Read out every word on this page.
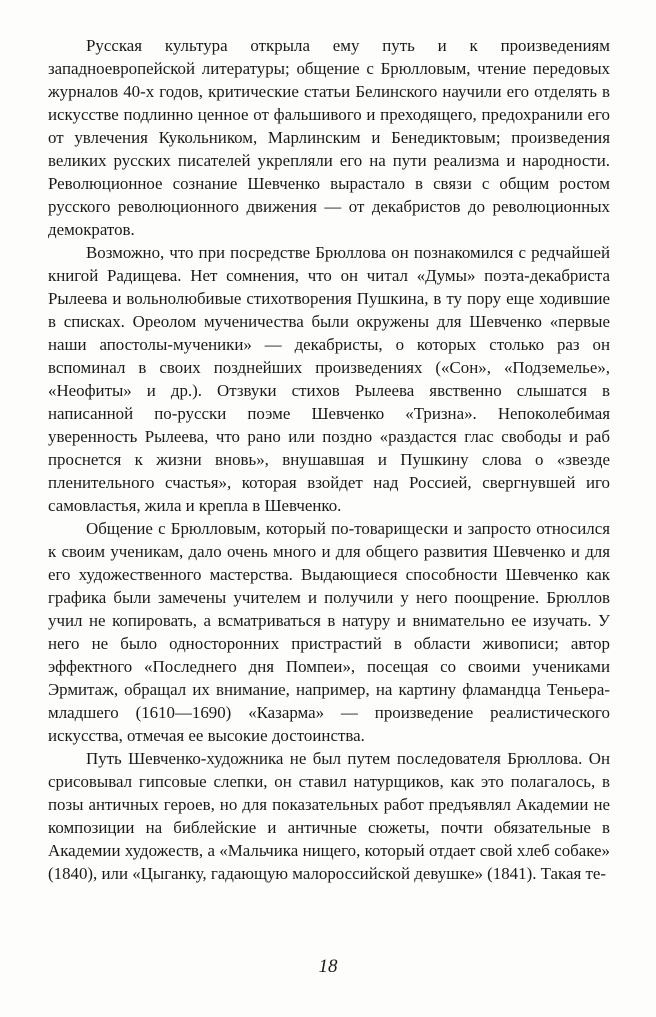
Русская культура открыла ему путь и к произведениям западноевропейской литературы; общение с Брюлловым, чтение передовых журналов 40-х годов, критические статьи Белинского научили его отделять в искусстве подлинно ценное от фальшивого и преходящего, предохранили его от увлечения Кукольником, Марлинским и Бенедиктовым; произведения великих русских писателей укрепляли его на пути реализма и народности. Революционное сознание Шевченко вырастало в связи с общим ростом русского революционного движения — от декабристов до революционных демократов.

Возможно, что при посредстве Брюллова он познакомился с редчайшей книгой Радищева. Нет сомнения, что он читал «Думы» поэта-декабриста Рылеева и вольнолюбивые стихотворения Пушкина, в ту пору еще ходившие в списках. Ореолом мученичества были окружены для Шевченко «первые наши апостолы-мученики» — декабристы, о которых столько раз он вспоминал в своих позднейших произведениях («Сон», «Подземелье», «Неофиты» и др.). Отзвуки стихов Рылеева явственно слышатся в написанной по-русски поэме Шевченко «Тризна». Непоколебимая уверенность Рылеева, что рано или поздно «раздастся глас свободы и раб проснется к жизни вновь», внушавшая и Пушкину слова о «звезде пленительного счастья», которая взойдет над Россией, свергнувшей иго самовластья, жила и крепла в Шевченко.

Общение с Брюлловым, который по-товарищески и запросто относился к своим ученикам, дало очень много и для общего развития Шевченко и для его художественного мастерства. Выдающиеся способности Шевченко как графика были замечены учителем и получили у него поощрение. Брюллов учил не копировать, а всматриваться в натуру и внимательно ее изучать. У него не было односторонних пристрастий в области живописи; автор эффектного «Последнего дня Помпеи», посещая со своими учениками Эрмитаж, обращал их внимание, например, на картину фламандца Теньера-младшего (1610—1690) «Казарма» — произведение реалистического искусства, отмечая ее высокие достоинства.

Путь Шевченко-художника не был путем последователя Брюллова. Он срисовывал гипсовые слепки, он ставил натурщиков, как это полагалось, в позы античных героев, но для показательных работ предъявлял Академии не композиции на библейские и античные сюжеты, почти обязательные в Академии художеств, а «Мальчика нищего, который отдает свой хлеб собаке» (1840), или «Цыганку, гадающую малороссийской девушке» (1841). Такая те-

18
